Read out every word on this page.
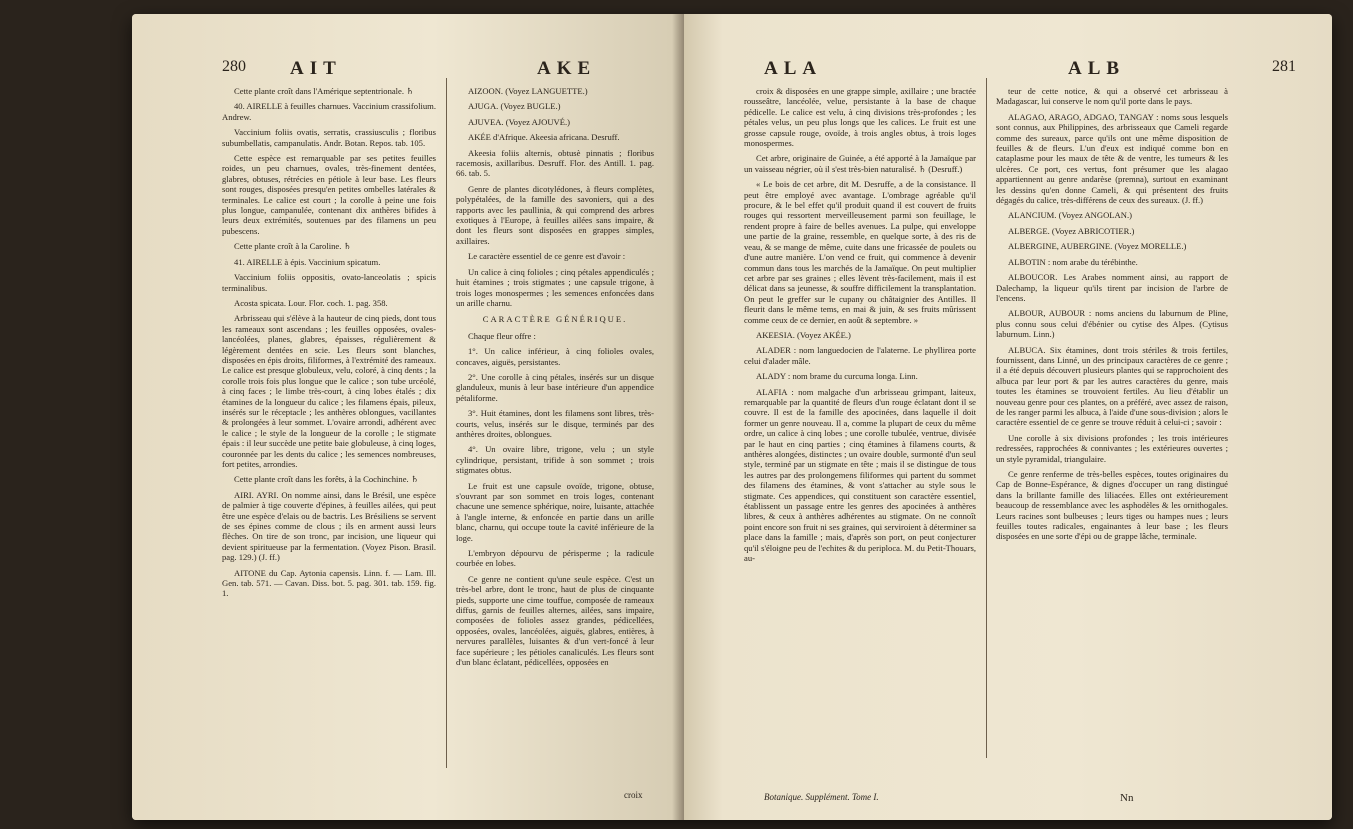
280 AIT	AKE

Cette plante croît dans l'Amérique septentrionale. ♄

40. AIRELLE à feuilles charnues. Vaccinium crassifolium. Andrew.

Vaccinium foliis ovatis, serratis, crassiusculis ; floribus subumbellatis, campanulatis. Andr. Botan. Repos. tab. 105.

Cette espèce est remarquable par ses petites feuilles roides, un peu charnues, ovales, très-finement dentées, glabres, obtuses, rétrécies en pétiole à leur base. Les fleurs sont rouges, disposées presqu'en petites ombelles latérales & terminales. Le calice est court ; la corolle à peine une fois plus longue, campanulée, contenant dix anthères bifides à leurs deux extrémités, soutenues par des filamens un peu pubescens.

Cette plante croît à la Caroline. ♄

41. AIRELLE à épis. Vaccinium spicatum.

Vaccinium foliis oppositis, ovato-lanceolatis ; spicis terminalibus.

Acosta spicata. Lour. Flor. coch. 1. pag. 358.

Arbrisseau qui s'élève à la hauteur de cinq pieds, dont tous les rameaux sont ascendans ; les feuilles opposées, ovales-lancéolées, planes, glabres, épaisses, régulièrement & légèrement dentées en scie. Les fleurs sont blanches, disposées en épis droits, filiformes, à l'extrémité des rameaux. Le calice est presque globuleux, velu, coloré, à cinq dents ; la corolle trois fois plus longue que le calice ; son tube urcéolé, à cinq faces ; le limbe très-court, à cinq lobes étalés ; dix étamines de la longueur du calice ; les filamens épais, pileux, insérés sur le réceptacle ; les anthères oblongues, vacillantes & prolongées à leur sommet. L'ovaire arrondi, adhérent avec le calice ; le style de la longueur de la corolle ; le stigmate épais : il leur succède une petite baie globuleuse, à cinq loges, couronnée par les dents du calice ; les semences nombreuses, fort petites, arrondies.

Cette plante croît dans les forêts, à la Cochinchine. ♄

AIRI. AYRI. On nomme ainsi, dans le Brésil, une espèce de palmier à tige couverte d'épines, à feuilles ailées, qui peut être une espèce d'elais ou de bactris. Les Brésiliens se servent de ses épines comme de clous ; ils en arment aussi leurs flèches. On tire de son tronc, par incision, une liqueur qui devient spiritueuse par la fermentation. (Voyez Pison. Brasil. pag. 129.) (J. ff.)

AITONE du Cap. Aytonia capensis. Linn. f. — Lam. Ill. Gen. tab. 571. — Cavan. Diss. bot. 5. pag. 301. tab. 159. fig. 1.

AIZOON. (Voyez LANGUETTE.)

AJUGA. (Voyez BUGLE.)

AJUVEA. (Voyez AJOUVÉ.)

AKÉE d'Afrique. Akeesia africana. Desruff.

Akeesia foliis alternis, obtusè pinnatis ; floribus racemosis, axillaribus. Desruff. Flor. des Antill. 1. pag. 66. tab. 5.

Genre de plantes dicotylédones, à fleurs complètes, polypétalées, de la famille des savoniers, qui a des rapports avec les paullinia, & qui comprend des arbres exotiques à l'Europe, à feuilles ailées sans impaire, & dont les fleurs sont disposées en grappes simples, axillaires.

Le caractère essentiel de ce genre est d'avoir :

Un calice à cinq folioles ; cinq pétales appendiculés ; huit étamines ; trois stigmates ; une capsule trigone, à trois loges monospermes ; les semences enfoncées dans un arille charnu.

CARACTÈRE GÉNÉRIQUE.

Chaque fleur offre :

1°. Un calice inférieur, à cinq folioles ovales, concaves, aiguës, persistantes.

2°. Une corolle à cinq pétales, insérés sur un disque glanduleux, munis à leur base intérieure d'un appendice pétaliforme.

3°. Huit étamines, dont les filamens sont libres, très-courts, velus, insérés sur le disque, terminés par des anthères droites, oblongues.

4°. Un ovaire libre, trigone, velu ; un style cylindrique, persistant, trifide à son sommet ; trois stigmates obtus.

Le fruit est une capsule ovoïde, trigone, obtuse, s'ouvrant par son sommet en trois loges, contenant chacune une semence sphérique, noire, luisante, attachée à l'angle interne, & enfoncée en partie dans un arille blanc, charnu, qui occupe toute la cavité inférieure de la loge.

L'embryon dépourvu de périsperme ; la radicule courbée en lobes.

Ce genre ne contient qu'une seule espèce. C'est un très-bel arbre, dont le tronc, haut de plus de cinquante pieds, supporte une cime touffue, composée de rameaux diffus, garnis de feuilles alternes, ailées, sans impaire, composées de folioles assez grandes, pédicellées, opposées, ovales, lancéolées, aiguës, glabres, entières, à nervures parallèles, luisantes & d'un vert-foncé à leur face supérieure ; les pétioles canaliculés. Les fleurs sont d'un blanc éclatant, pédicellées, opposées en

croix
ALA	ALB	281

croix & disposées en une grappe simple, axillaire ; une bractée rousseâtre, lancéolée, velue, persistante à la base de chaque pédicelle. Le calice est velu, à cinq divisions très-profondes ; les pétales velus, un peu plus longs que les calices. Le fruit est une grosse capsule rouge, ovoïde, à trois angles obtus, à trois loges monospermes.

Cet arbre, originaire de Guinée, a été apporté à la Jamaïque par un vaisseau négrier, où il s'est très-bien naturalisé. ♄ (Desruff.)

« Le bois de cet arbre, dit M. Desruffe, a de la consistance. Il peut être employé avec avantage. L'ombrage agréable qu'il procure, & le bel effet qu'il produit quand il est couvert de fruits rouges qui ressortent merveilleusement parmi son feuillage, le rendent propre à faire de belles avenues. La pulpe, qui enveloppe une partie de la graine, ressemble, en quelque sorte, à des ris de veau, & se mange de même, cuite dans une fricassée de poulets ou d'une autre manière. L'on vend ce fruit, qui commence à devenir commun dans tous les marchés de la Jamaïque. On peut multiplier cet arbre par ses graines ; elles lèvent très-facilement, mais il est délicat dans sa jeunesse, & souffre difficilement la transplantation. On peut le greffer sur le cupany ou châtaignier des Antilles. Il fleurit dans le même tems, en mai & juin, & ses fruits mûrissent comme ceux de ce dernier, en août & septembre. »

AKEESIA. (Voyez AKÉE.)

ALADER : nom languedocien de l'alaterne. Le phyllirea porte celui d'alader mâle.

ALADY : nom brame du curcuma longa. Linn.

ALAFIA : nom malgache d'un arbrisseau grimpant, laiteux, remarquable par la quantité de fleurs d'un rouge éclatant dont il se couvre. Il est de la famille des apocinées, dans laquelle il doit former un genre nouveau. Il a, comme la plupart de ceux du même ordre, un calice à cinq lobes ; une corolle tubulée, ventrue, divisée par le haut en cinq parties ; cinq étamines à filamens courts, & anthères alongées, distinctes ; un ovaire double, surmonté d'un seul style, terminé par un stigmate en tête ; mais il se distingue de tous les autres par des prolongemens filiformes qui partent du sommet des filamens des étamines, & vont s'attacher au style sous le stigmate. Ces appendices, qui constituent son caractère essentiel, établissent un passage entre les genres des apocinées à anthères libres, & ceux à anthères adhérentes au stigmate. On ne connoît point encore son fruit ni ses graines, qui serviroient à déterminer sa place dans la famille ; mais, d'après son port, on peut conjecturer qu'il s'éloigne peu de l'echites & du periploca. M. du Petit-Thouars, au-

teur de cette notice, & qui a observé cet arbrisseau à Madagascar, lui conserve le nom qu'il porte dans le pays.

ALAGAO, ARAGO, ADGAO, TANGAY : noms sous lesquels sont connus, aux Philippines, des arbrisseaux que Cameli regarde comme des sureaux, parce qu'ils ont une même disposition de feuilles & de fleurs. L'un d'eux est indiqué comme bon en cataplasme pour les maux de tête & de ventre, les tumeurs & les ulcères. Ce port, ces vertus, font présumer que les alagao appartiennent au genre andarèse (premna), surtout en examinant les dessins qu'en donne Cameli, & qui présentent des fruits dégagés du calice, très-différens de ceux des sureaux. (J. ff.)

ALANCIUM. (Voyez ANGOLAN.)

ALBERGE. (Voyez ABRICOTIER.)

ALBERGINE, AUBERGINE. (Voyez MORELLE.)

ALBOTIN : nom arabe du térébinthe.

ALBOUCOR. Les Arabes nomment ainsi, au rapport de Dalechamp, la liqueur qu'ils tirent par incision de l'arbre de l'encens.

ALBOUR, AUBOUR : noms anciens du laburnum de Pline, plus connu sous celui d'ébénier ou cytise des Alpes. (Cytisus laburnum. Linn.)

ALBUCA. Six étamines, dont trois stériles & trois fertiles, fournissent, dans Linné, un des principaux caractères de ce genre ; il a été depuis découvert plusieurs plantes qui se rapprochoient des albuca par leur port & par les autres caractères du genre, mais toutes les étamines se trouvoient fertiles. Au lieu d'établir un nouveau genre pour ces plantes, on a préféré, avec assez de raison, de les ranger parmi les albuca, à l'aide d'une sous-division ; alors le caractère essentiel de ce genre se trouve réduit à celui-ci ; savoir :

Une corolle à six divisions profondes ; les trois intérieures redressées, rapprochées & connivantes ; les extérieures ouvertes ; un style pyramidal, triangulaire.

Ce genre renferme de très-belles espèces, toutes originaires du Cap de Bonne-Espérance, & dignes d'occuper un rang distingué dans la brillante famille des liliacées. Elles ont extérieurement beaucoup de ressemblance avec les asphodèles & les ornithogales. Leurs racines sont bulbeuses ; leurs tiges ou hampes nues ; leurs feuilles toutes radicales, engainantes à leur base ; les fleurs disposées en une sorte d'épi ou de grappe lâche, terminale.

Botanique. Supplément. Tome I.	Nn
